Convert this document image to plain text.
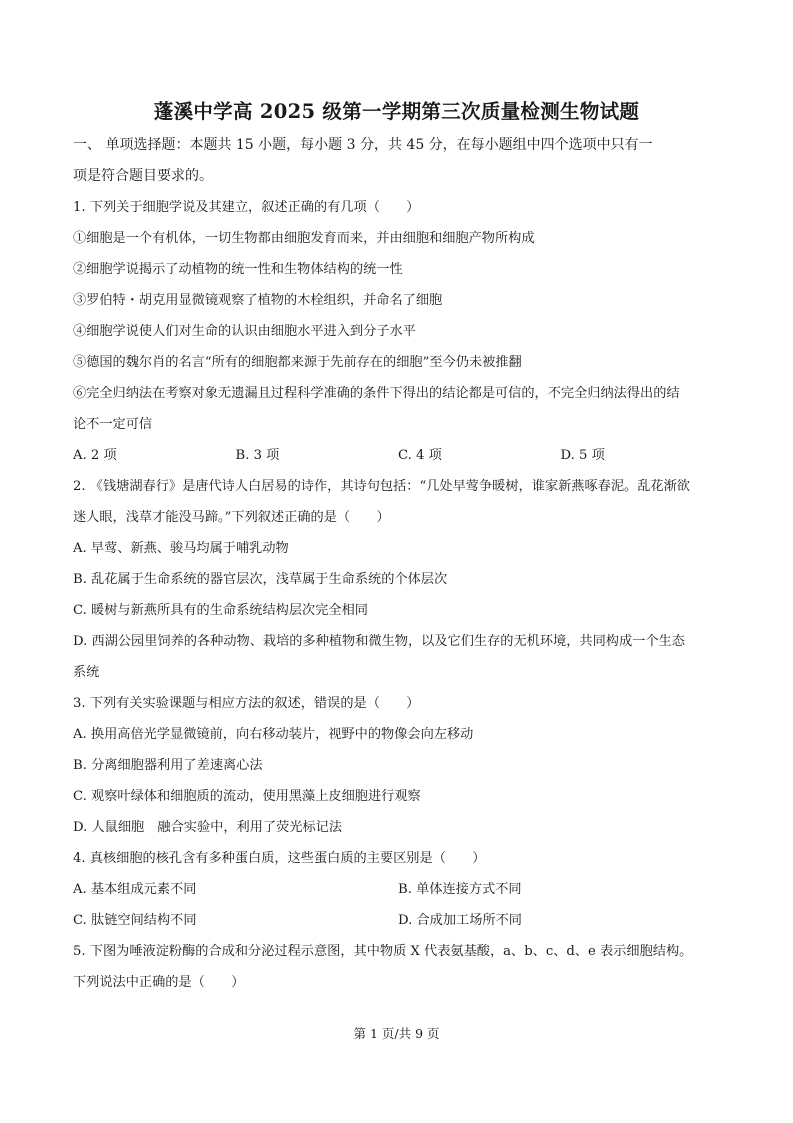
蓬溪中学高 2025 级第一学期第三次质量检测生物试题
一、 单项选择题：本题共 15 小题，每小题 3 分，共 45 分，在每小题组中四个选项中只有一
项是符合题目要求的。
1. 下列关于细胞学说及其建立，叙述正确的有几项（　　）
①细胞是一个有机体，一切生物都由细胞发育而来，并由细胞和细胞产物所构成
②细胞学说揭示了动植物的统一性和生物体结构的统一性
③罗伯特・胡克用显微镜观察了植物的木栓组织，并命名了细胞
④细胞学说使人们对生命的认识由细胞水平进入到分子水平
⑤德国的魏尔肖的名言“所有的细胞都来源于先前存在的细胞”至今仍未被推翻
⑥完全归纳法在考察对象无遗漏且过程科学准确的条件下得出的结论都是可信的，不完全归纳法得出的结
论不一定可信
A. 2 项	B. 3 项	C. 4 项	D. 5 项
2. 《钱塘湖春行》是唐代诗人白居易的诗作，其诗句包括：“几处早莺争暖树，谁家新燕啄春泥。乱花渐欲
迷人眼，浅草才能没马蹄。”下列叙述正确的是（　　）
A. 早莺、新燕、骏马均属于哺乳动物
B. 乱花属于生命系统的器官层次，浅草属于生命系统的个体层次
C. 暖树与新燕所具有的生命系统结构层次完全相同
D. 西湖公园里饲养的各种动物、栽培的多种植物和微生物，以及它们生存的无机环境，共同构成一个生态
系统
3. 下列有关实验课题与相应方法的叙述，错误的是（　　）
A. 换用高倍光学显微镜前，向右移动装片，视野中的物像会向左移动
B. 分离细胞器利用了差速离心法
C. 观察叶绿体和细胞质的流动，使用黑藻上皮细胞进行观察
D. 人鼠细胞　融合实验中，利用了荧光标记法
4. 真核细胞的核孔含有多种蛋白质，这些蛋白质的主要区别是（　　）
A. 基本组成元素不同	B. 单体连接方式不同
C. 肽链空间结构不同	D. 合成加工场所不同
5. 下图为唾液淀粉酶的合成和分泌过程示意图，其中物质 X 代表氨基酸，a、b、c、d、e 表示细胞结构。
下列说法中正确的是（　　）
第 1 页/共 9 页
